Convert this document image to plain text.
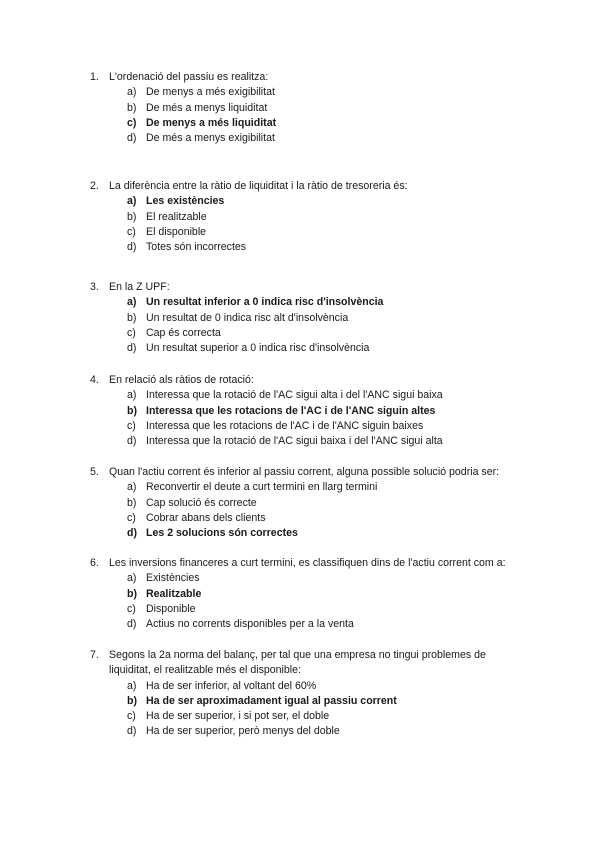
1. L'ordenació del passiu es realitza:
a) De menys a més exigibilitat
b) De més a menys liquiditat
c) De menys a més liquiditat
d) De més a menys exigibilitat
2. La diferència entre la ràtio de liquiditat i la ràtio de tresoreria és:
a) Les existències
b) El realitzable
c) El disponible
d) Totes són incorrectes
3. En la Z UPF:
a) Un resultat inferior a 0 indica risc d'insolvència
b) Un resultat de 0 indica risc alt d'insolvència
c) Cap és correcta
d) Un resultat superior a 0 indica risc d'insolvència
4. En relació als ràtios de rotació:
a) Interessa que la rotació de l'AC sigui alta i del l'ANC sigui baixa
b) Interessa que les rotacions de l'AC i de l'ANC siguin altes
c) Interessa que les rotacions de l'AC i de l'ANC siguin baixes
d) Interessa que la rotació de l'AC sigui baixa i del l'ANC sigui alta
5. Quan l'actiu corrent és inferior al passiu corrent, alguna possible solució podria ser:
a) Reconvertir el deute a curt termini en llarg termini
b) Cap solució és correcte
c) Cobrar abans dels clients
d) Les 2 solucions són correctes
6. Les inversions financeres a curt termini, es classifiquen dins de l'actiu corrent com a:
a) Existències
b) Realitzable
c) Disponible
d) Actius no corrents disponibles per a la venta
7. Segons la 2a norma del balanç, per tal que una empresa no tingui problemes de liquiditat, el realitzable més el disponible:
a) Ha de ser inferior, al voltant del 60%
b) Ha de ser aproximadament igual al passiu corrent
c) Ha de ser superior, i si pot ser, el doble
d) Ha de ser superior, però menys del doble
